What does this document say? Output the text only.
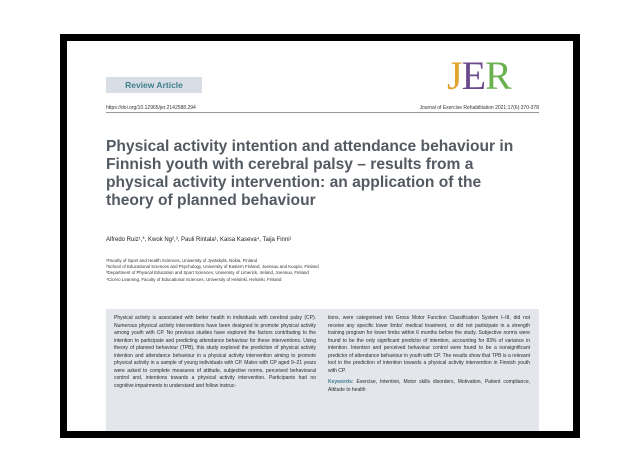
Review Article	JER
https://doi.org/10.12965/jer.2142588.294	Journal of Exercise Rehabilitation 2021;17(6):370-378
Physical activity intention and attendance behaviour in Finnish youth with cerebral palsy – results from a physical activity intervention: an application of the theory of planned behaviour
Alfredo Ruiz¹,*, Kwok Ng²,³, Pauli Rintala¹, Kaisa Kaseva⁴, Taija Finni¹
¹Faculty of Sport and Health Sciences, University of Jyväskylä, Nokia, Finland
²School of Educational Sciences and Psychology, University of Eastern Finland, Joensuu and Kuopio, Finland
³Department of Physical Education and Sport Sciences, University of Limerick, Ireland, Joensuu, Finland
⁴Cicero Learning, Faculty of Educational Sciences, University of Helsinki, Helsinki, Finland
Physical activity is associated with better health in individuals with cerebral palsy (CP). Numerous physical activity interventions have been designed to promote physical activity among youth with CP. No previous studies have explored the factors contributing to the intention to participate and predicting attendance behaviour for these interventions. Using theory of planned behaviour (TPB), this study explored the prediction of physical activity intention and attendance behaviour in a physical activity intervention aiming to promote physical activity in a sample of young individuals with CP. Males with CP aged 9–21 years were asked to complete measures of attitude, subjective norms, perceived behavioural control and, intentions towards a physical activity intervention. Participants had no cognitive impairments to understand and follow instruc-
tions, were categorised into Gross Motor Function Classification System I–III, did not receive any specific lower limbs' medical treatment, or did not participate in a strength training program for lower limbs within 6 months before the study. Subjective norms were found to be the only significant predictor of intention, accounting for 83% of variance in intention. Intention and perceived behaviour control were found to be a nonsignificant predictor of attendance behaviour in youth with CP. The results show that TPB is a relevant tool in the prediction of intention towards a physical activity intervention in Finnish youth with CP.
Keywords: Exercise, Intention, Motor skills disorders, Motivation, Patient compliance, Attitude to health
